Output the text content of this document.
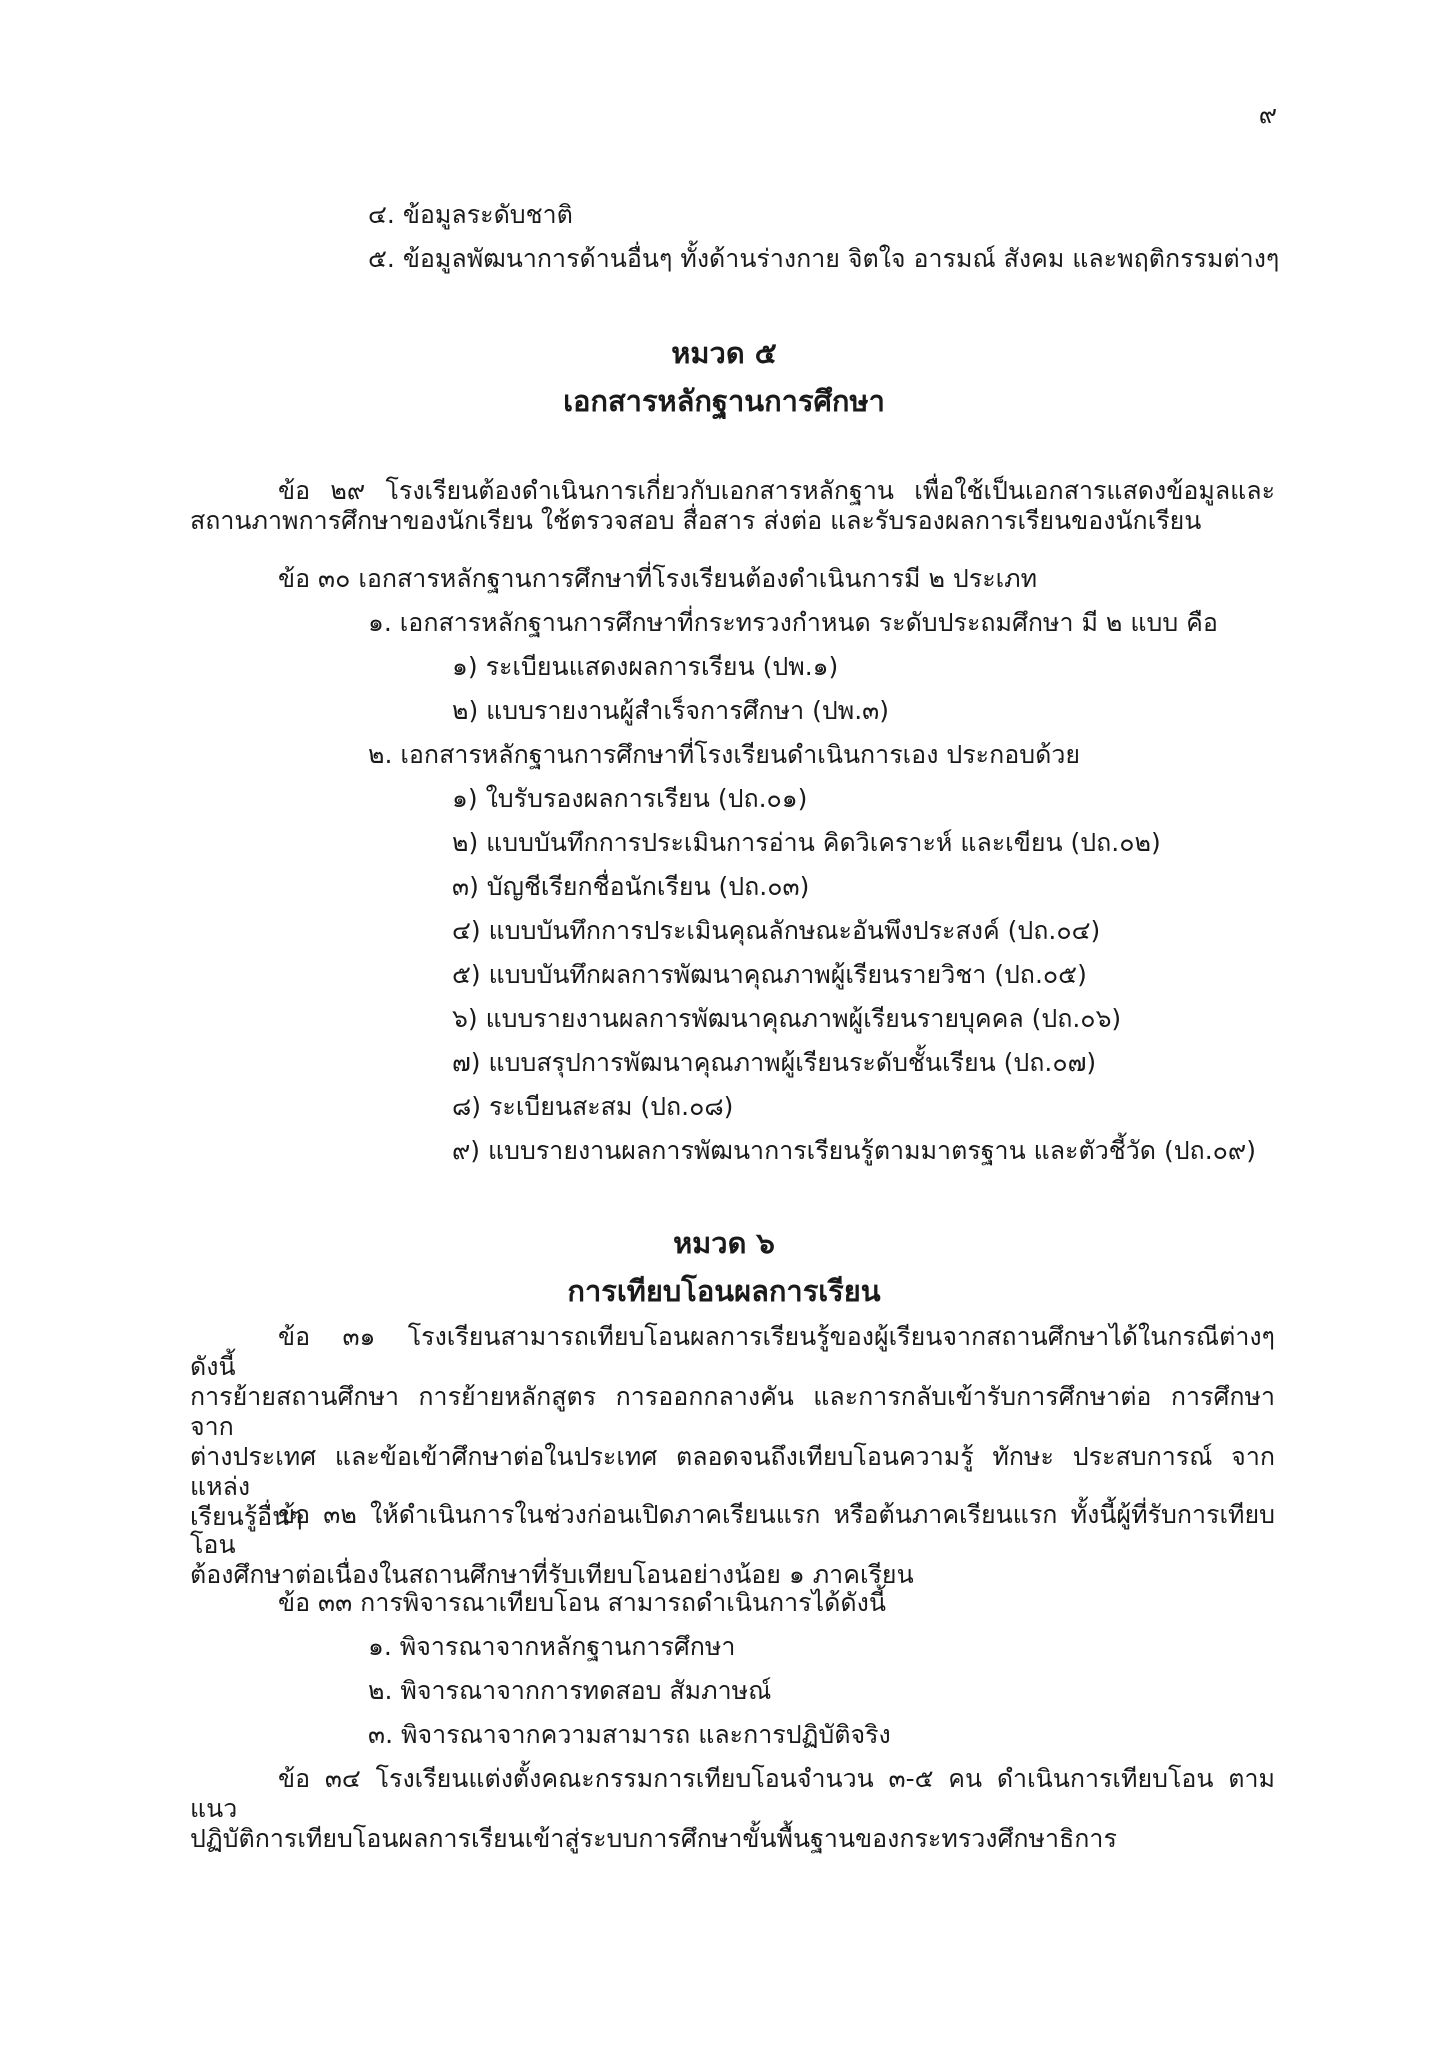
๙
๔. ข้อมูลระดับชาติ
๕. ข้อมูลพัฒนาการด้านอื่นๆ ทั้งด้านร่างกาย จิตใจ อารมณ์ สังคม และพฤติกรรมต่างๆ
หมวด ๕
เอกสารหลักฐานการศึกษา

ข้อ ๒๙ โรงเรียนต้องดำเนินการเกี่ยวกับเอกสารหลักฐาน เพื่อใช้เป็นเอกสารแสดงข้อมูลและ

สถานภาพการศึกษาของนักเรียน ใช้ตรวจสอบ สื่อสาร ส่งต่อ และรับรองผลการเรียนของนักเรียน

ข้อ ๓๐ เอกสารหลักฐานการศึกษาที่โรงเรียนต้องดำเนินการมี ๒ ประเภท
๑. เอกสารหลักฐานการศึกษาที่กระทรวงกำหนด ระดับประถมศึกษา มี ๒ แบบ คือ
๑) ระเบียนแสดงผลการเรียน (ปพ.๑)
๒) แบบรายงานผู้สำเร็จการศึกษา (ปพ.๓)
๒. เอกสารหลักฐานการศึกษาที่โรงเรียนดำเนินการเอง ประกอบด้วย
๑) ใบรับรองผลการเรียน (ปถ.๐๑)
๒) แบบบันทึกการประเมินการอ่าน คิดวิเคราะห์ และเขียน (ปถ.๐๒)
๓) บัญชีเรียกชื่อนักเรียน (ปถ.๐๓)
๔) แบบบันทึกการประเมินคุณลักษณะอันพึงประสงค์ (ปถ.๐๔)
๕) แบบบันทึกผลการพัฒนาคุณภาพผู้เรียนรายวิชา (ปถ.๐๕)
๖) แบบรายงานผลการพัฒนาคุณภาพผู้เรียนรายบุคคล (ปถ.๐๖)
๗) แบบสรุปการพัฒนาคุณภาพผู้เรียนระดับชั้นเรียน (ปถ.๐๗)
๘) ระเบียนสะสม (ปถ.๐๘)
๙) แบบรายงานผลการพัฒนาการเรียนรู้ตามมาตรฐาน และตัวชี้วัด (ปถ.๐๙)
หมวด ๖
การเทียบโอนผลการเรียน

ข้อ ๓๑ โรงเรียนสามารถเทียบโอนผลการเรียนรู้ของผู้เรียนจากสถานศึกษาได้ในกรณีต่างๆ ดังนี้

การย้ายสถานศึกษา การย้ายหลักสูตร การออกกลางคัน และการกลับเข้ารับการศึกษาต่อ การศึกษา จาก

ต่างประเทศ และข้อเข้าศึกษาต่อในประเทศ ตลอดจนถึงเทียบโอนความรู้ ทักษะ ประสบการณ์ จากแหล่ง

เรียนรู้อื่นๆ

ข้อ ๓๒ ให้ดำเนินการในช่วงก่อนเปิดภาคเรียนแรก หรือต้นภาคเรียนแรก ทั้งนี้ผู้ที่รับการเทียบโอน

ต้องศึกษาต่อเนื่องในสถานศึกษาที่รับเทียบโอนอย่างน้อย ๑ ภาคเรียน

ข้อ ๓๓ การพิจารณาเทียบโอน สามารถดำเนินการได้ดังนี้
๑. พิจารณาจากหลักฐานการศึกษา
๒. พิจารณาจากการทดสอบ สัมภาษณ์
๓. พิจารณาจากความสามารถ และการปฏิบัติจริง

ข้อ ๓๔ โรงเรียนแต่งตั้งคณะกรรมการเทียบโอนจำนวน ๓-๕ คน ดำเนินการเทียบโอน ตามแนว

ปฏิบัติการเทียบโอนผลการเรียนเข้าสู่ระบบการศึกษาขั้นพื้นฐานของกระทรวงศึกษาธิการ
